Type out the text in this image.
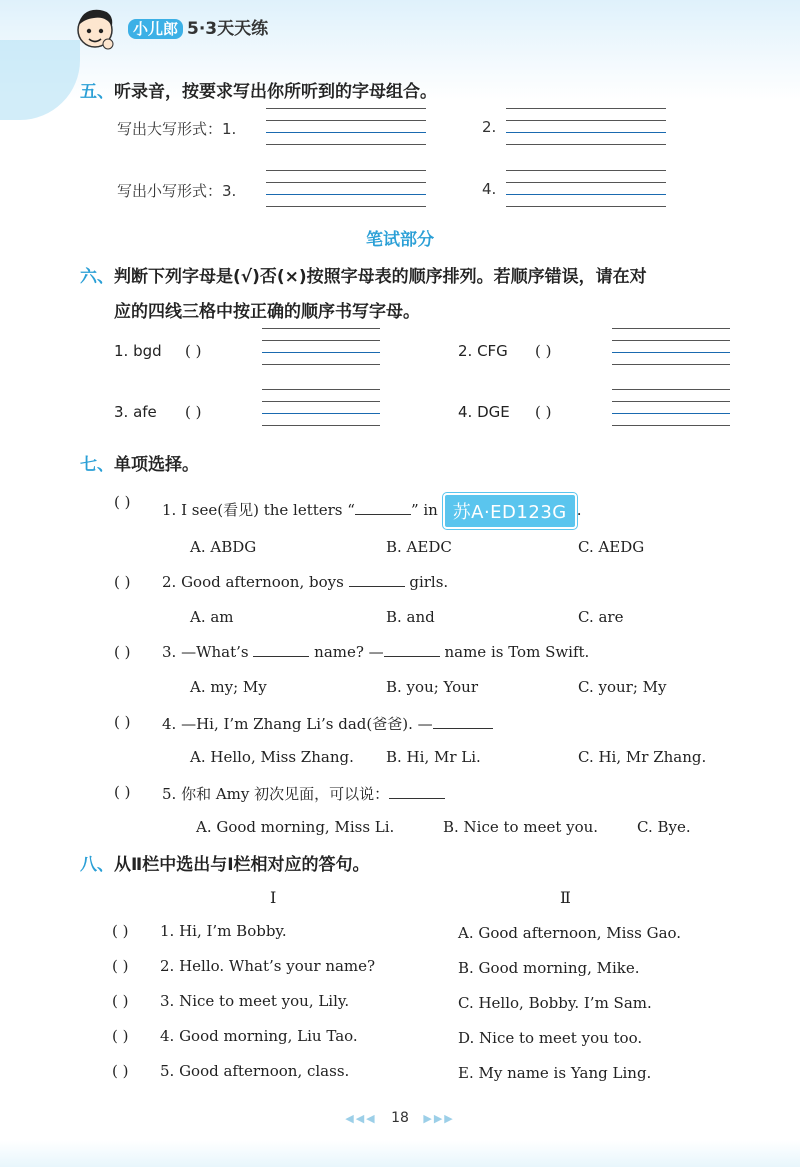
小儿郎 5·3天天练
五、听录音，按要求写出你所听到的字母组合。
写出大写形式：1.	2.
写出小写形式：3.	4.
笔试部分
六、判断下列字母是(√)否(×)按照字母表的顺序排列。若顺序错误，请在对
应的四线三格中按正确的顺序书写字母。
1. bgd ( )	2. CFG ( )
3. afe ( )	4. DGE ( )
七、单项选择。
( ) 1. I see(看见) the letters “	” in 苏A·ED123G .
A. ABDG	B. AEDC	C. AEDG
( ) 2. Good afternoon, boys	girls.
A. am	B. and	C. are
( ) 3. —What’s	name? —	name is Tom Swift.
A. my; My	B. you; Your	C. your; My
( ) 4. —Hi, I’m Zhang Li’s dad(爸爸). —
A. Hello, Miss Zhang. B. Hi, Mr Li.	C. Hi, Mr Zhang.
( ) 5. 你和 Amy 初次见面，可以说：
A. Good morning, Miss Li.	B. Nice to meet you.	C. Bye.
八、从Ⅱ栏中选出与Ⅰ栏相对应的答句。
Ⅰ	Ⅱ
( ) 1. Hi, I’m Bobby.	A. Good afternoon, Miss Gao.
( ) 2. Hello. What’s your name?	B. Good morning, Mike.
( ) 3. Nice to meet you, Lily.	C. Hello, Bobby. I’m Sam.
( ) 4. Good morning, Liu Tao.	D. Nice to meet you too.
( ) 5. Good afternoon, class.	E. My name is Yang Ling.
◀◀◀ 18 ▶▶▶
